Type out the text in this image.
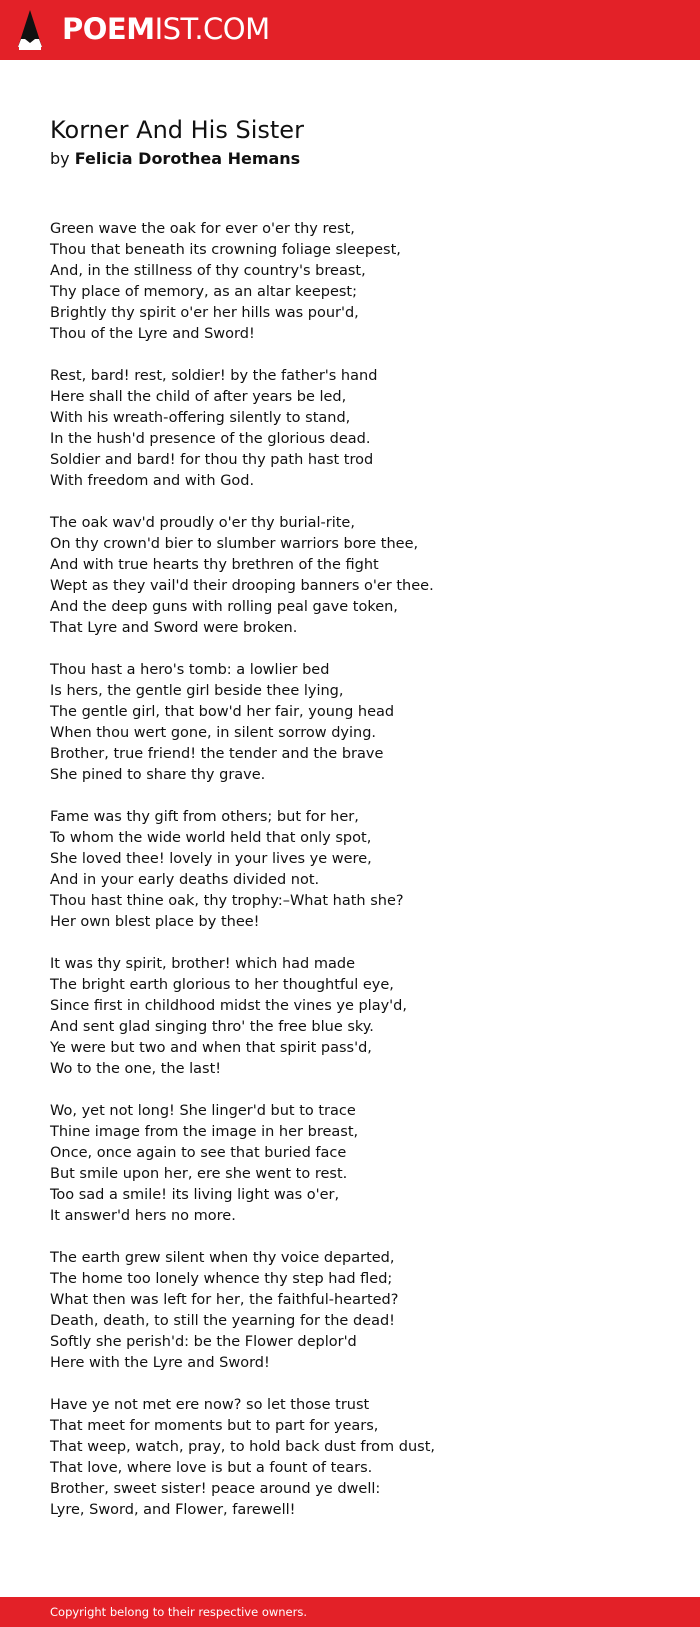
POEMIST.COM
Korner And His Sister
by Felicia Dorothea Hemans
Green wave the oak for ever o'er thy rest,
Thou that beneath its crowning foliage sleepest,
And, in the stillness of thy country's breast,
Thy place of memory, as an altar keepest;
Brightly thy spirit o'er her hills was pour'd,
Thou of the Lyre and Sword!
Rest, bard! rest, soldier! by the father's hand
Here shall the child of after years be led,
With his wreath-offering silently to stand,
In the hush'd presence of the glorious dead.
Soldier and bard! for thou thy path hast trod
With freedom and with God.
The oak wav'd proudly o'er thy burial-rite,
On thy crown'd bier to slumber warriors bore thee,
And with true hearts thy brethren of the fight
Wept as they vail'd their drooping banners o'er thee.
And the deep guns with rolling peal gave token,
That Lyre and Sword were broken.
Thou hast a hero's tomb: a lowlier bed
Is hers, the gentle girl beside thee lying,
The gentle girl, that bow'd her fair, young head
When thou wert gone, in silent sorrow dying.
Brother, true friend! the tender and the brave
She pined to share thy grave.
Fame was thy gift from others; but for her,
To whom the wide world held that only spot,
She loved thee! lovely in your lives ye were,
And in your early deaths divided not.
Thou hast thine oak, thy trophy:–What hath she?
Her own blest place by thee!
It was thy spirit, brother! which had made
The bright earth glorious to her thoughtful eye,
Since first in childhood midst the vines ye play'd,
And sent glad singing thro' the free blue sky.
Ye were but two and when that spirit pass'd,
Wo to the one, the last!
Wo, yet not long! She linger'd but to trace
Thine image from the image in her breast,
Once, once again to see that buried face
But smile upon her, ere she went to rest.
Too sad a smile! its living light was o'er,
It answer'd hers no more.
The earth grew silent when thy voice departed,
The home too lonely whence thy step had fled;
What then was left for her, the faithful-hearted?
Death, death, to still the yearning for the dead!
Softly she perish'd: be the Flower deplor'd
Here with the Lyre and Sword!
Have ye not met ere now? so let those trust
That meet for moments but to part for years,
That weep, watch, pray, to hold back dust from dust,
That love, where love is but a fount of tears.
Brother, sweet sister! peace around ye dwell:
Lyre, Sword, and Flower, farewell!
Copyright belong to their respective owners.
